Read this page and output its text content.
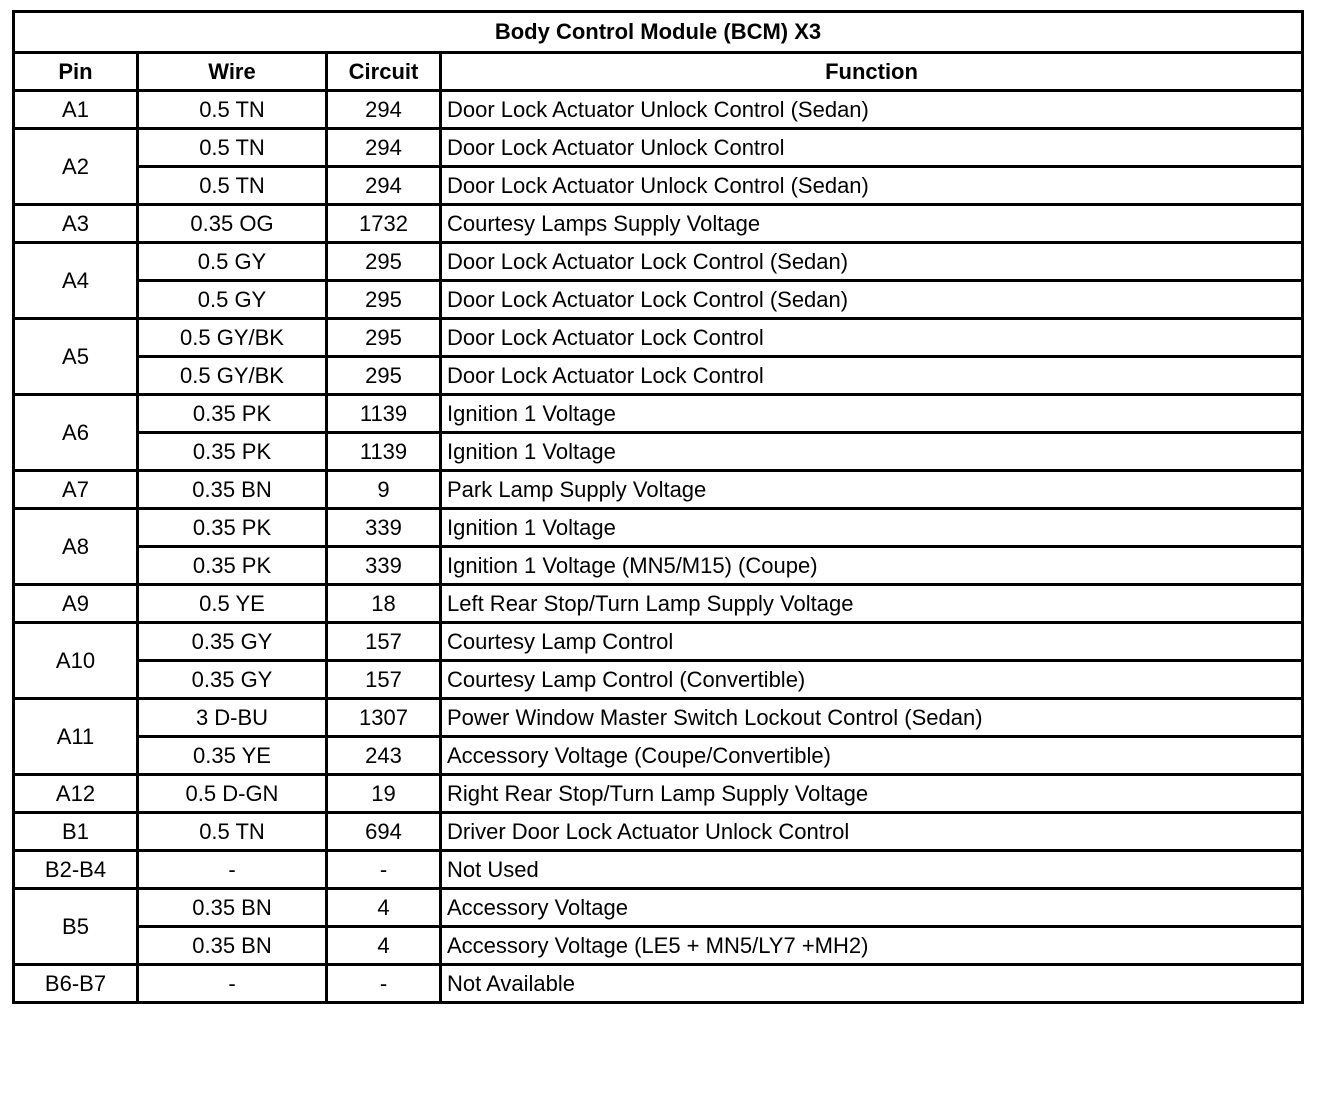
Body Control Module (BCM) X3			
Pin	Wire	Circuit	Function
A1	0.5 TN	294	Door Lock Actuator Unlock Control (Sedan)
A2	0.5 TN	294	Door Lock Actuator Unlock Control
	0.5 TN	294	Door Lock Actuator Unlock Control (Sedan)
A3	0.35 OG	1732	Courtesy Lamps Supply Voltage
A4	0.5 GY	295	Door Lock Actuator Lock Control (Sedan)
	0.5 GY	295	Door Lock Actuator Lock Control (Sedan)
A5	0.5 GY/BK	295	Door Lock Actuator Lock Control
	0.5 GY/BK	295	Door Lock Actuator Lock Control
A6	0.35 PK	1139	Ignition 1 Voltage
	0.35 PK	1139	Ignition 1 Voltage
A7	0.35 BN	9	Park Lamp Supply Voltage
A8	0.35 PK	339	Ignition 1 Voltage
	0.35 PK	339	Ignition 1 Voltage (MN5/M15) (Coupe)
A9	0.5 YE	18	Left Rear Stop/Turn Lamp Supply Voltage
A10	0.35 GY	157	Courtesy Lamp Control
	0.35 GY	157	Courtesy Lamp Control (Convertible)
A11	3 D-BU	1307	Power Window Master Switch Lockout Control (Sedan)
	0.35 YE	243	Accessory Voltage (Coupe/Convertible)
A12	0.5 D-GN	19	Right Rear Stop/Turn Lamp Supply Voltage
B1	0.5 TN	694	Driver Door Lock Actuator Unlock Control
B2-B4	-	-	Not Used
B5	0.35 BN	4	Accessory Voltage
	0.35 BN	4	Accessory Voltage (LE5 + MN5/LY7 +MH2)
B6-B7	-	-	Not Available
